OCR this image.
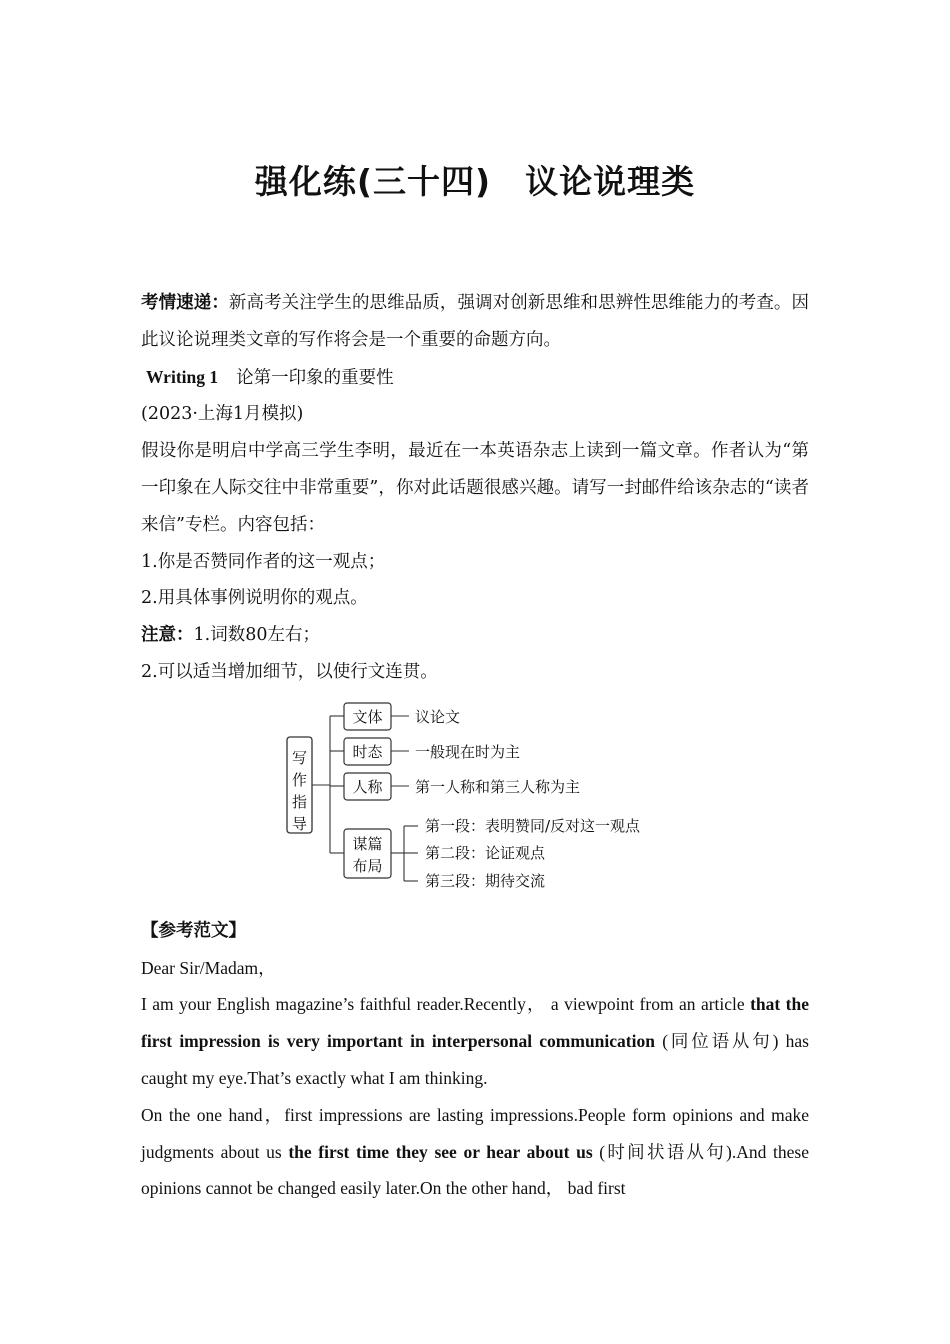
强化练(三十四) 议论说理类

考情速递：新高考关注学生的思维品质，强调对创新思维和思辨性思维能力的考查。因此议论说理类文章的写作将会是一个重要的命题方向。

Writing 1 论第一印象的重要性

(2023·上海1月模拟)

假设你是明启中学高三学生李明，最近在一本英语杂志上读到一篇文章。作者认为“第一印象在人际交往中非常重要”，你对此话题很感兴趣。请写一封邮件给该杂志的“读者来信”专栏。内容包括：

1.你是否赞同作者的这一观点；

2.用具体事例说明你的观点。

注意：1.词数80左右；

2.可以适当增加细节，以使行文连贯。

写
作
指
导
文体 议论文
时态 一般现在时为主
人称 第一人称和第三人称为主
谋篇
布局
第一段：表明赞同/反对这一观点
第二段：论证观点
第三段：期待交流

【参考范文】

Dear Sir/Madam，

I am your English magazine’s faithful reader.Recently， a viewpoint from an article that the first impression is very important in interpersonal communication (同位语从句) has caught my eye.That’s exactly what I am thinking.

On the one hand，first impressions are lasting impressions.People form opinions and make judgments about us the first time they see or hear about us (时间状语从句).And these opinions cannot be changed easily later.On the other hand， bad first
